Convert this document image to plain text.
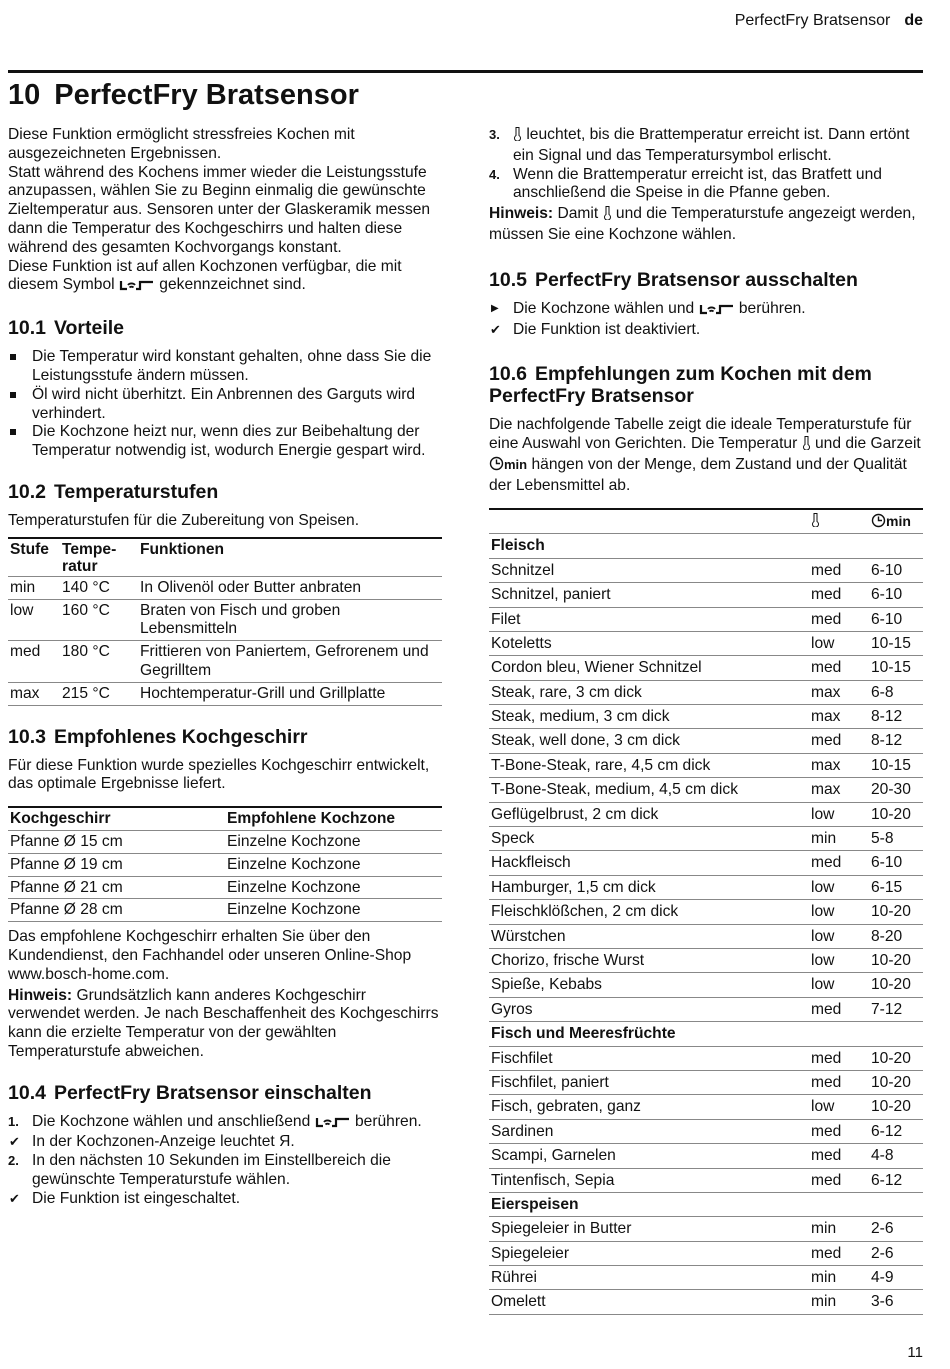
PerfectFry Bratsensor de
10 PerfectFry Bratsensor

Diese Funktion ermöglicht stressfreies Kochen mit ausgezeichneten Ergebnissen.

Statt während des Kochens immer wieder die Leistungsstufe anzupassen, wählen Sie zu Beginn einmalig die gewünschte Zieltemperatur aus. Sensoren unter der Glaskeramik messen dann die Temperatur des Kochgeschirrs und halten diese während des gesamten Kochvorgangs konstant.

Diese Funktion ist auf allen Kochzonen verfügbar, die mit diesem Symbol	gekennzeichnet sind.

10.1 Vorteile
Die Temperatur wird konstant gehalten, ohne dass Sie die Leistungsstufe ändern müssen.
Öl wird nicht überhitzt. Ein Anbrennen des Garguts wird verhindert.
Die Kochzone heizt nur, wenn dies zur Beibehaltung der Temperatur notwendig ist, wodurch Energie gespart wird.
10.2 Temperaturstufen

Temperaturstufen für die Zubereitung von Speisen.

Stufe	Temperatur	Funktionen
min	140 °C	In Olivenöl oder Butter anbraten
low	160 °C	Braten von Fisch und groben Lebensmitteln
med	180 °C	Frittieren von Paniertem, Gefrorenem und Gegrilltem
max	215 °C	Hochtemperatur-Grill und Grillplatte
10.3 Empfohlenes Kochgeschirr

Für diese Funktion wurde spezielles Kochgeschirr entwickelt, das optimale Ergebnisse liefert.

Kochgeschirr	Empfohlene Kochzone
Pfanne Ø 15 cm	Einzelne Kochzone
Pfanne Ø 19 cm	Einzelne Kochzone
Pfanne Ø 21 cm	Einzelne Kochzone
Pfanne Ø 28 cm	Einzelne Kochzone

Das empfohlene Kochgeschirr erhalten Sie über den Kundendienst, den Fachhandel oder unseren Online-Shop www.bosch-home.com.

Hinweis: Grundsätzlich kann anderes Kochgeschirr verwendet werden. Je nach Beschaffenheit des Kochgeschirrs kann die erzielte Temperatur von der gewählten Temperaturstufe abweichen.

10.4 PerfectFry Bratsensor einschalten
1. Die Kochzone wählen und anschließend	berühren.
✔ In der Kochzonen-Anzeige leuchtet Я.
2. In den nächsten 10 Sekunden im Einstellbereich die gewünschte Temperaturstufe wählen.
✔ Die Funktion ist eingeschaltet.
3. leuchtet, bis die Brattemperatur erreicht ist. Dann ertönt ein Signal und das Temperatursymbol erlischt.
4. Wenn die Brattemperatur erreicht ist, das Bratfett und anschließend die Speise in die Pfanne geben.

Hinweis: Damit und die Temperaturstufe angezeigt werden, müssen Sie eine Kochzone wählen.

10.5 PerfectFry Bratsensor ausschalten
▶ Die Kochzone wählen und	berühren.
✔ Die Funktion ist deaktiviert.
10.6 Empfehlungen zum Kochen mit dem PerfectFry Bratsensor

Die nachfolgende Tabelle zeigt die ideale Temperaturstufe für eine Auswahl von Gerichten. Die Temperatur und die Garzeit min hängen von der Menge, dem Zustand und der Qualität der Lebensmittel ab.

		min
Fleisch		
Schnitzel	med	6-10
Schnitzel, paniert	med	6-10
Filet	med	6-10
Koteletts	low	10-15
Cordon bleu, Wiener Schnitzel	med	10-15
Steak, rare, 3 cm dick	max	6-8
Steak, medium, 3 cm dick	max	8-12
Steak, well done, 3 cm dick	med	8-12
T-Bone-Steak, rare, 4,5 cm dick	max	10-15
T-Bone-Steak, medium, 4,5 cm dick	max	20-30
Geflügelbrust, 2 cm dick	low	10-20
Speck	min	5-8
Hackfleisch	med	6-10
Hamburger, 1,5 cm dick	low	6-15
Fleischklößchen, 2 cm dick	low	10-20
Würstchen	low	8-20
Chorizo, frische Wurst	low	10-20
Spieße, Kebabs	low	10-20
Gyros	med	7-12
Fisch und Meeresfrüchte		
Fischfilet	med	10-20
Fischfilet, paniert	med	10-20
Fisch, gebraten, ganz	low	10-20
Sardinen	med	6-12
Scampi, Garnelen	med	4-8
Tintenfisch, Sepia	med	6-12
Eierspeisen		
Spiegeleier in Butter	min	2-6
Spiegeleier	med	2-6
Rührei	min	4-9
Omelett	min	3-6
11
